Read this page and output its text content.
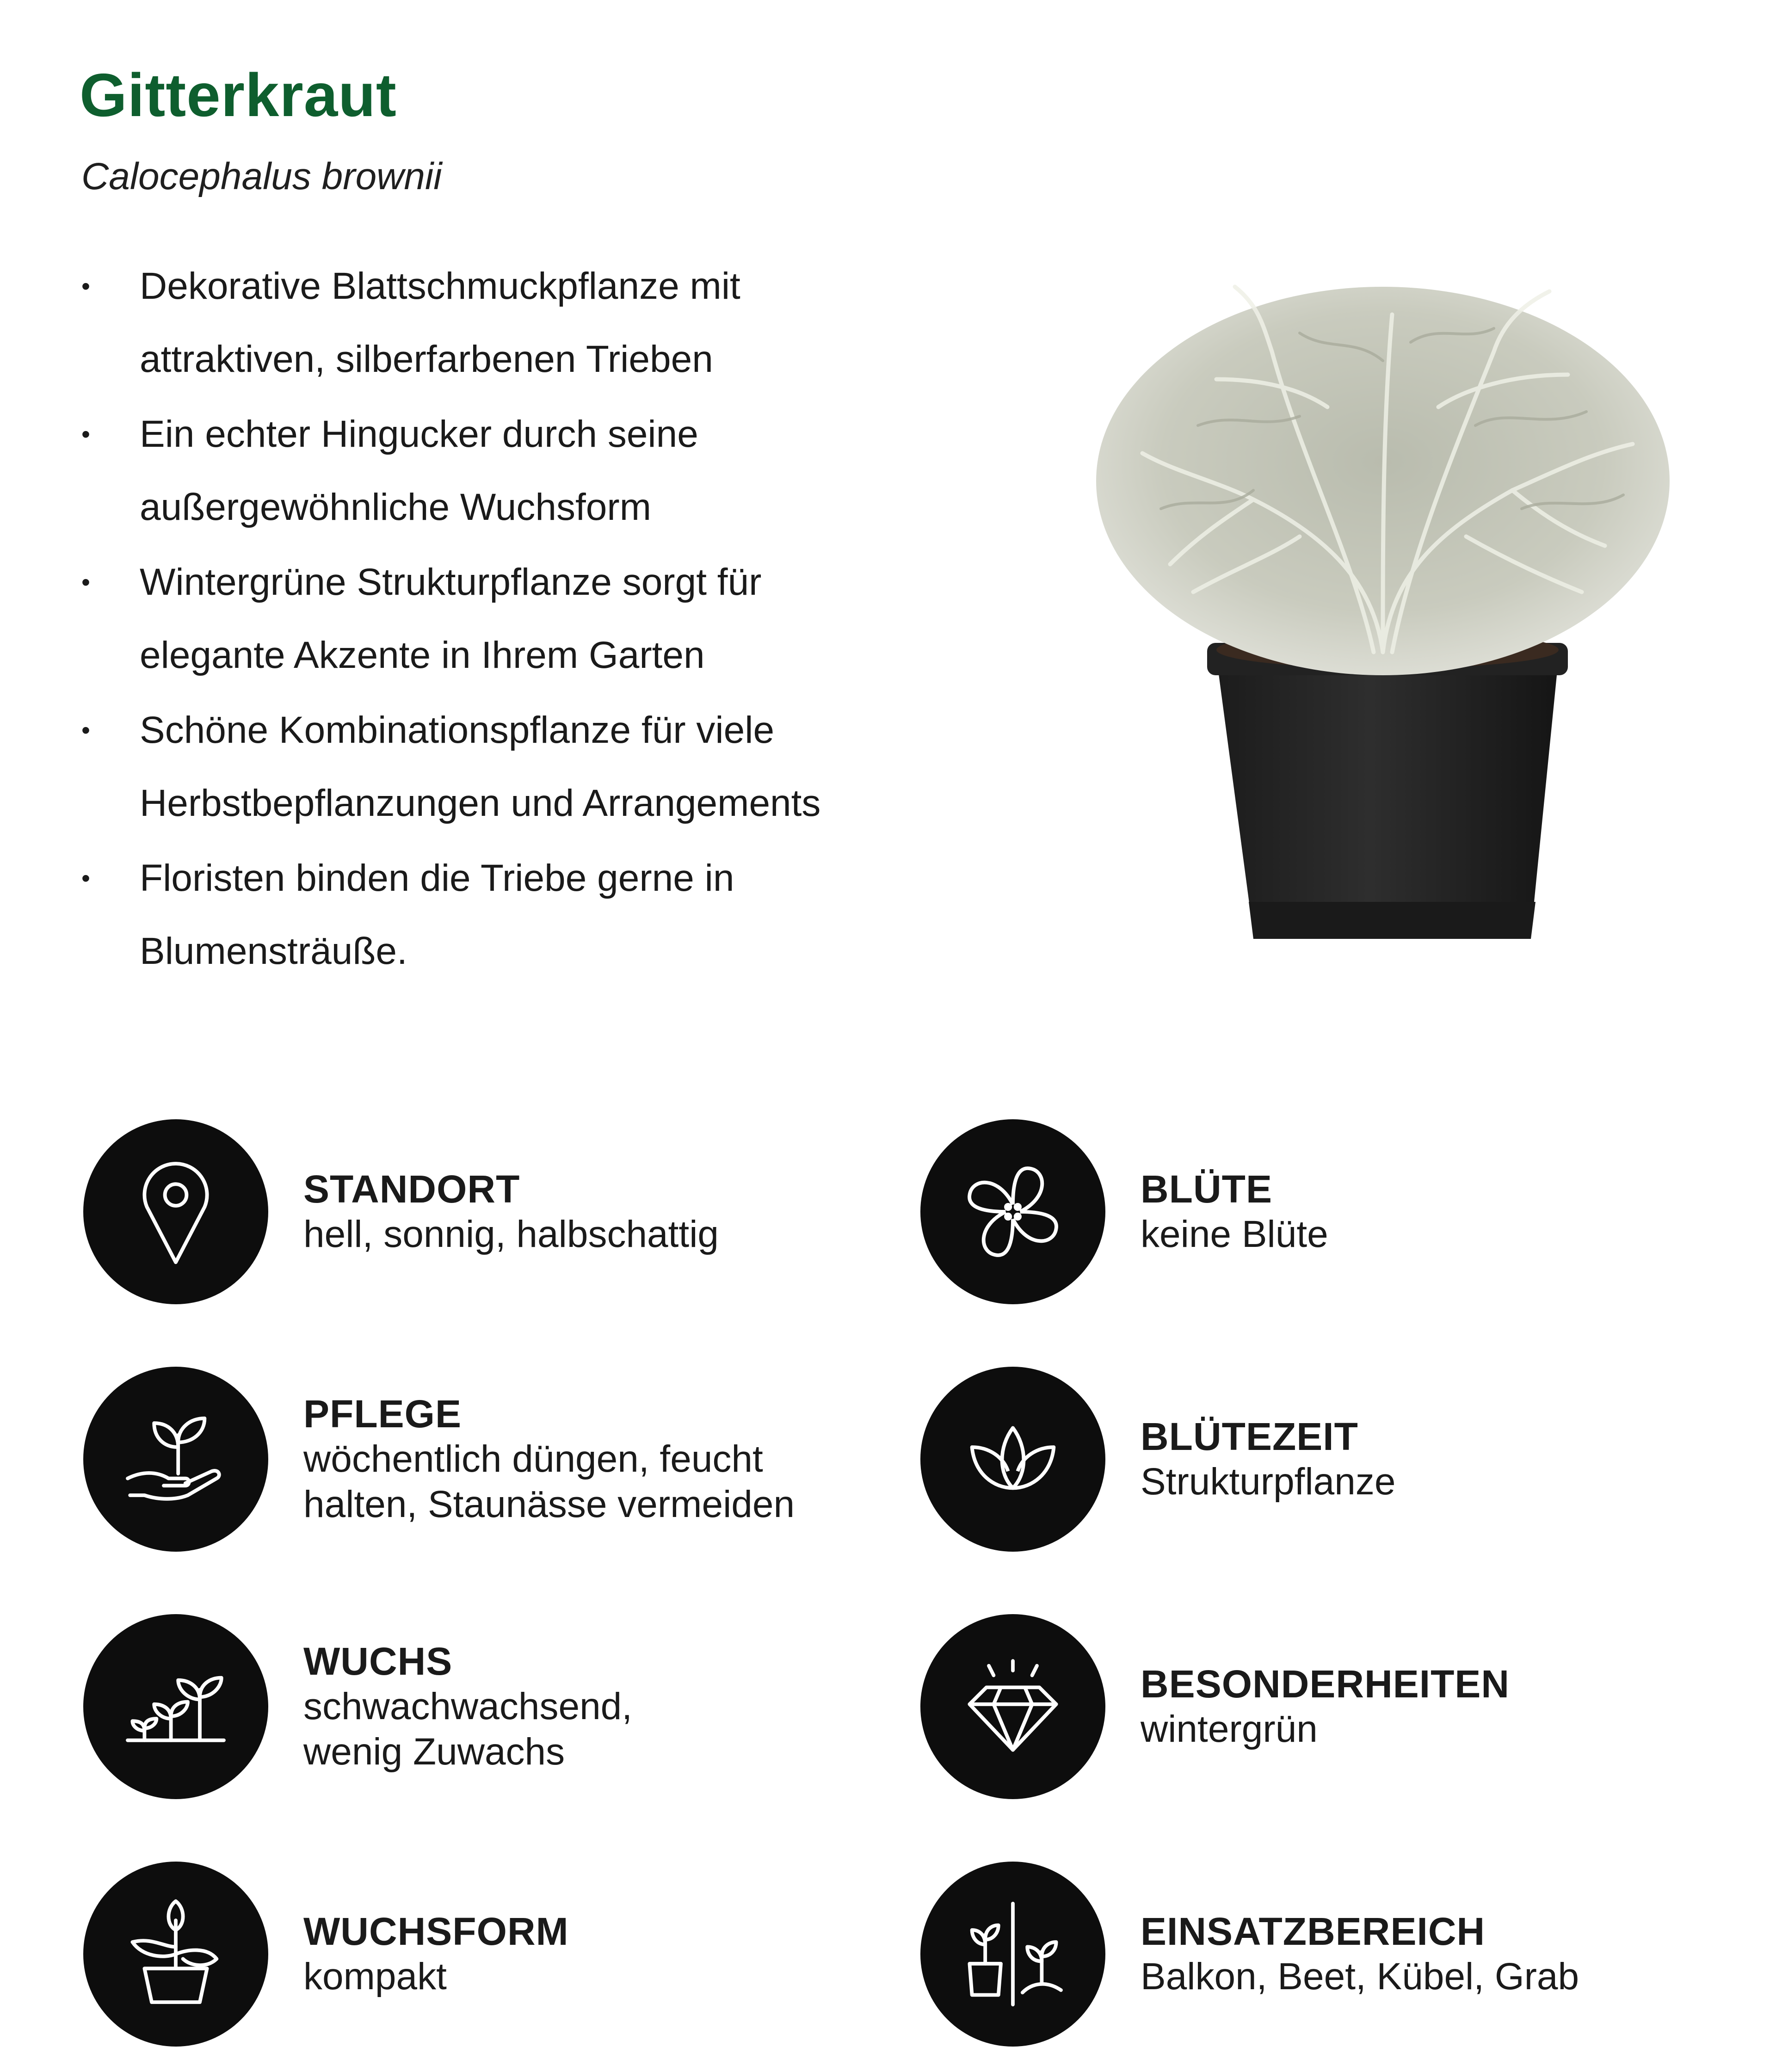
Gitterkraut

Calocephalus brownii

• Dekorative Blattschmuckpflanze mit
attraktiven, silberfarbenen Trieben
• Ein echter Hingucker durch seine
außergewöhnliche Wuchsform
• Wintergrüne Strukturpflanze sorgt für
elegante Akzente in Ihrem Garten
• Schöne Kombinationspflanze für viele
Herbstbepflanzungen und Arrangements
• Floristen binden die Triebe gerne in
Blumensträuße.
STANDORT
hell, sonnig, halbschattig
BLÜTE
keine Blüte
PFLEGE
wöchentlich düngen, feucht
halten, Staunässe vermeiden
BLÜTEZEIT
Strukturpflanze
WUCHS
schwachwachsend,
wenig Zuwachs
BESONDERHEITEN
wintergrün
WUCHSFORM
kompakt
EINSATZBEREICH
Balkon, Beet, Kübel, Grab
